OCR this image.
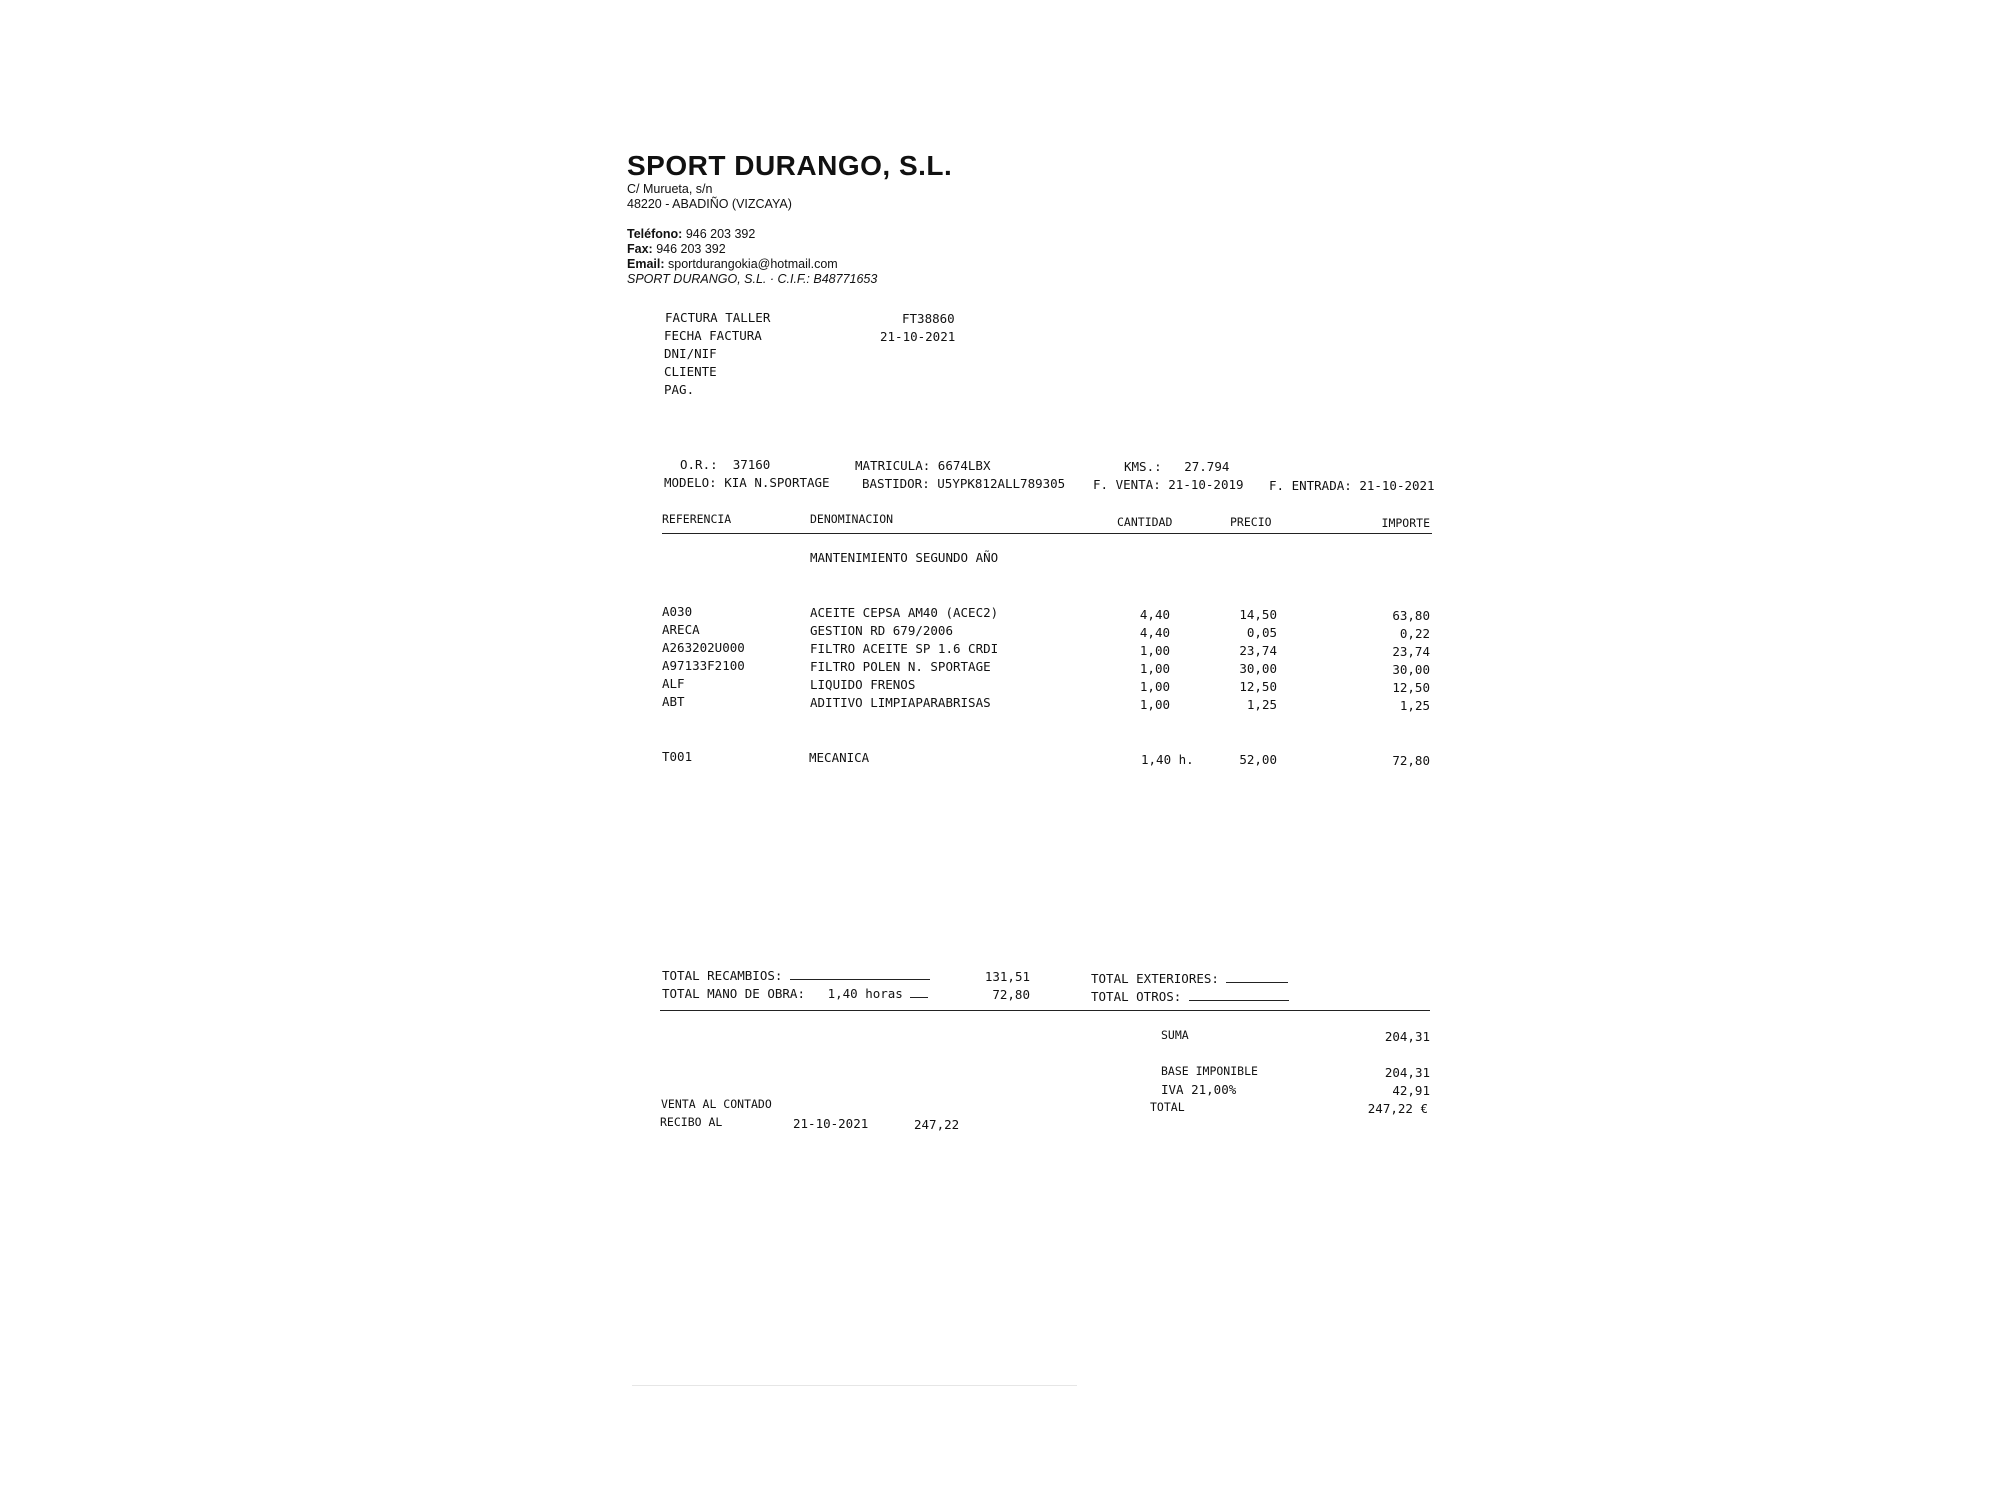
SPORT DURANGO, S.L.
C/ Murueta, s/n
48220 - ABADIÑO (VIZCAYA)
Teléfono: 946 203 392
Fax: 946 203 392
Email: sportdurangokia@hotmail.com
SPORT DURANGO, S.L. · C.I.F.: B48771653
FACTURA TALLER	FT38860
FECHA FACTURA	21-10-2021
DNI/NIF
CLIENTE
PAG.
O.R.: 37160	MATRICULA: 6674LBX	KMS.: 27.794
MODELO: KIA N.SPORTAGE	BASTIDOR: U5YPK812ALL789305 F. VENTA: 21-10-2019 F. ENTRADA: 21-10-2021
REFERENCIA	DENOMINACION	CANTIDAD	PRECIO	IMPORTE
MANTENIMIENTO SEGUNDO AÑO
A030	ACEITE CEPSA AM40 (ACEC2)	4,40	14,50	63,80
ARECA	GESTION RD 679/2006	4,40	0,05	0,22
A263202U000	FILTRO ACEITE SP 1.6 CRDI	1,00	23,74	23,74
A97133F2100	FILTRO POLEN N. SPORTAGE	1,00	30,00	30,00
ALF	LIQUIDO FRENOS	1,00	12,50	12,50
ABT	ADITIVO LIMPIAPARABRISAS	1,00	1,25	1,25
T001	MECANICA	1,40 h.	52,00	72,80
TOTAL RECAMBIOS:	131,51
TOTAL MANO DE OBRA: 1,40 horas	72,80
TOTAL EXTERIORES:
TOTAL OTROS:
SUMA	204,31
BASE IMPONIBLE	204,31
IVA 21,00%	42,91
TOTAL	247,22 €
VENTA AL CONTADO
RECIBO AL	21-10-2021	247,22
